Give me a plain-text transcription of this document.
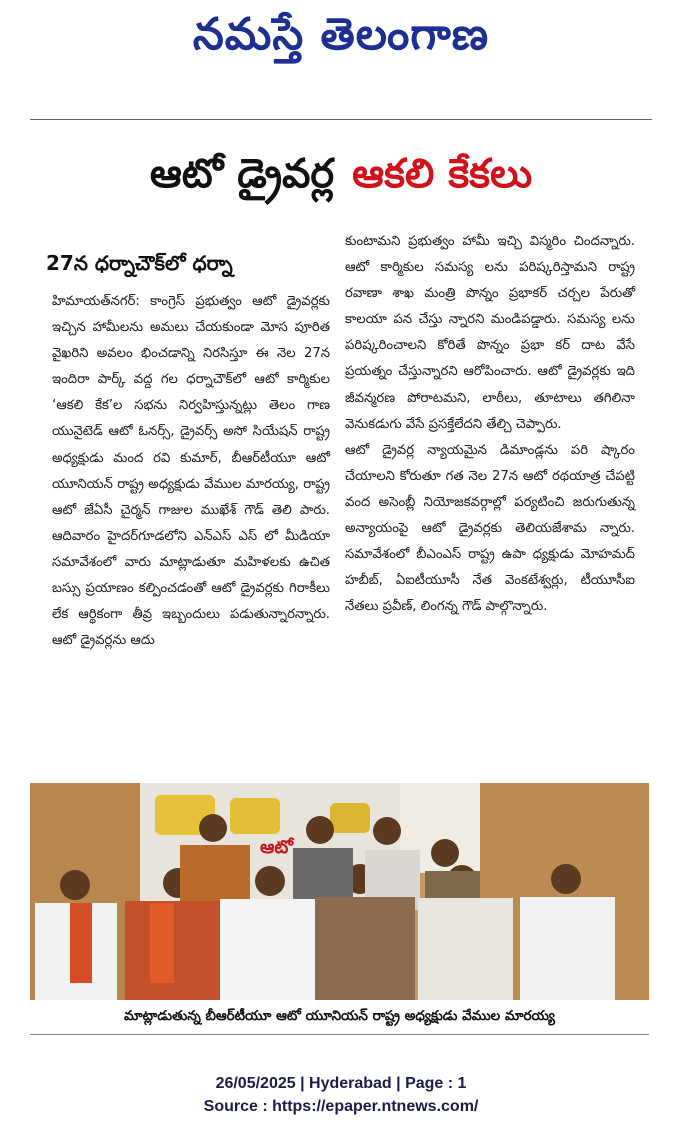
నమస్తే తెలంగాణ
ఆటో డ్రైవర్ల ఆకలి కేకలు
27న ధర్నాచౌక్‌లో ధర్నా

హిమాయత్‌నగర్: కాంగ్రెస్ ప్రభుత్వం ఆటో డ్రైవర్లకు ఇచ్చిన హామీలను అమలు చేయకుండా మోస పూరిత వైఖరిని అవలం భించడాన్ని నిరసిస్తూ ఈ నెల 27న ఇందిరా పార్క్ వద్ద గల ధర్నాచౌక్‌లో ఆటో కార్మికుల ‘ఆకలి కేక’ల సభను నిర్వహిస్తున్నట్లు తెలం గాణ యునైటెడ్ ఆటో ఓనర్స్, డ్రైవర్స్ అసో సియేషన్ రాష్ట్ర అధ్యక్షుడు మంద రవి కుమార్, బీఆర్‌టీయూ ఆటో యూనియన్ రాష్ట్ర అధ్యక్షుడు వేముల మారయ్య, రాష్ట్ర ఆటో జేఏసీ చైర్మన్ గాజుల ముఖేశ్ గౌడ్ తెలి పారు. ఆదివారం హైదర్‌గూడలోని ఎన్ఎస్ ఎస్ లో మీడియా సమావేశంలో వారు మాట్లాడుతూ మహిళలకు ఉచిత బస్సు ప్రయాణం కల్పించడంతో ఆటో డ్రైవర్లకు గిరాకీలు లేక ఆర్థికంగా తీవ్ర ఇబ్బందులు పడుతున్నారన్నారు. ఆటో డ్రైవర్లను ఆదు

కుంటామని ప్రభుత్వం హామీ ఇచ్చి విస్మరిం చిందన్నారు. ఆటో కార్మికుల సమస్య లను పరిష్కరిస్తామని రాష్ట్ర రవాణా శాఖ మంత్రి పొన్నం ప్రభాకర్ చర్చల పేరుతో కాలయా పన చేస్తు న్నారని మండిపడ్డారు. సమస్య లను పరిష్కరించాలని కోరితే పొన్నం ప్రభా కర్ దాట వేసే ప్రయత్నం చేస్తున్నారని ఆరోపించారు. ఆటో డ్రైవర్లకు ఇది జీవన్మరణ పోరాటమని, లాఠీలు, తూటాలు తగిలినా వెనుకడుగు వేసే ప్రసక్తేలేదని తేల్చి చెప్పారు.

ఆటో డ్రైవర్ల న్యాయమైన డిమాండ్లను పరి ష్కారం చేయాలని కోరుతూ గత నెల 27న ఆటో రథయాత్ర చేపట్టి వంద అసెంబ్లీ నియోజకవర్గాల్లో పర్యటించి జరుగుతున్న అన్యాయంపై ఆటో డ్రైవర్లకు తెలియజేశామ న్నారు. సమావేశంలో బీఎంఎస్ రాష్ట్ర ఉపా ధ్యక్షుడు మోహమద్ హబీబ్, ఏఐటీయూసీ నేత వెంకటేశ్వర్లు, టీయూసీఐ నేతలు ప్రవీణ్, లింగన్న గౌడ్ పాల్గొన్నారు.

ఆటో
మాట్లాడుతున్న బీఆర్‌టీయూ ఆటో యూనియన్ రాష్ట్ర అధ్యక్షుడు వేముల మారయ్య
26/05/2025 | Hyderabad | Page : 1
Source : https://epaper.ntnews.com/
